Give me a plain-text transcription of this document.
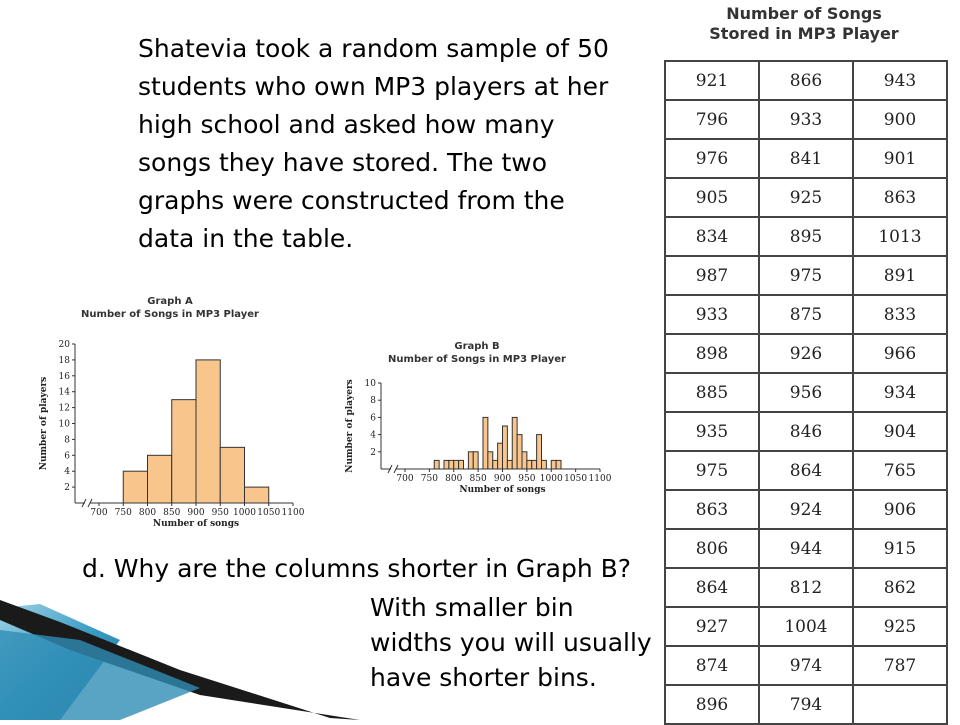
Shatevia took a random sample of 50
students who own MP3 players at her
high school and asked how many
songs they have stored. The two
graphs were constructed from the
data in the table.
Graph A
Number of Songs in MP3 Player
2
4
6
8
10
12
14
16
18
20
700 750 800 850 900 950 1000 1050 1100
Number of songs
Number of players
Graph B
Number of Songs in MP3 Player
2
4
6
8
10
700 750 800 850 900 950 1000 1050 1100
Number of songs
Number of players
Number of Songs
Stored in MP3 Player
921	866	943
796	933	900
976	841	901
905	925	863
834	895	1013
987	975	891
933	875	833
898	926	966
885	956	934
935	846	904
975	864	765
863	924	906
806	944	915
864	812	862
927	1004	925
874	974	787
896	794	
d. Why are the columns shorter in Graph B?
With smaller bin
widths you will usually
have shorter bins.
